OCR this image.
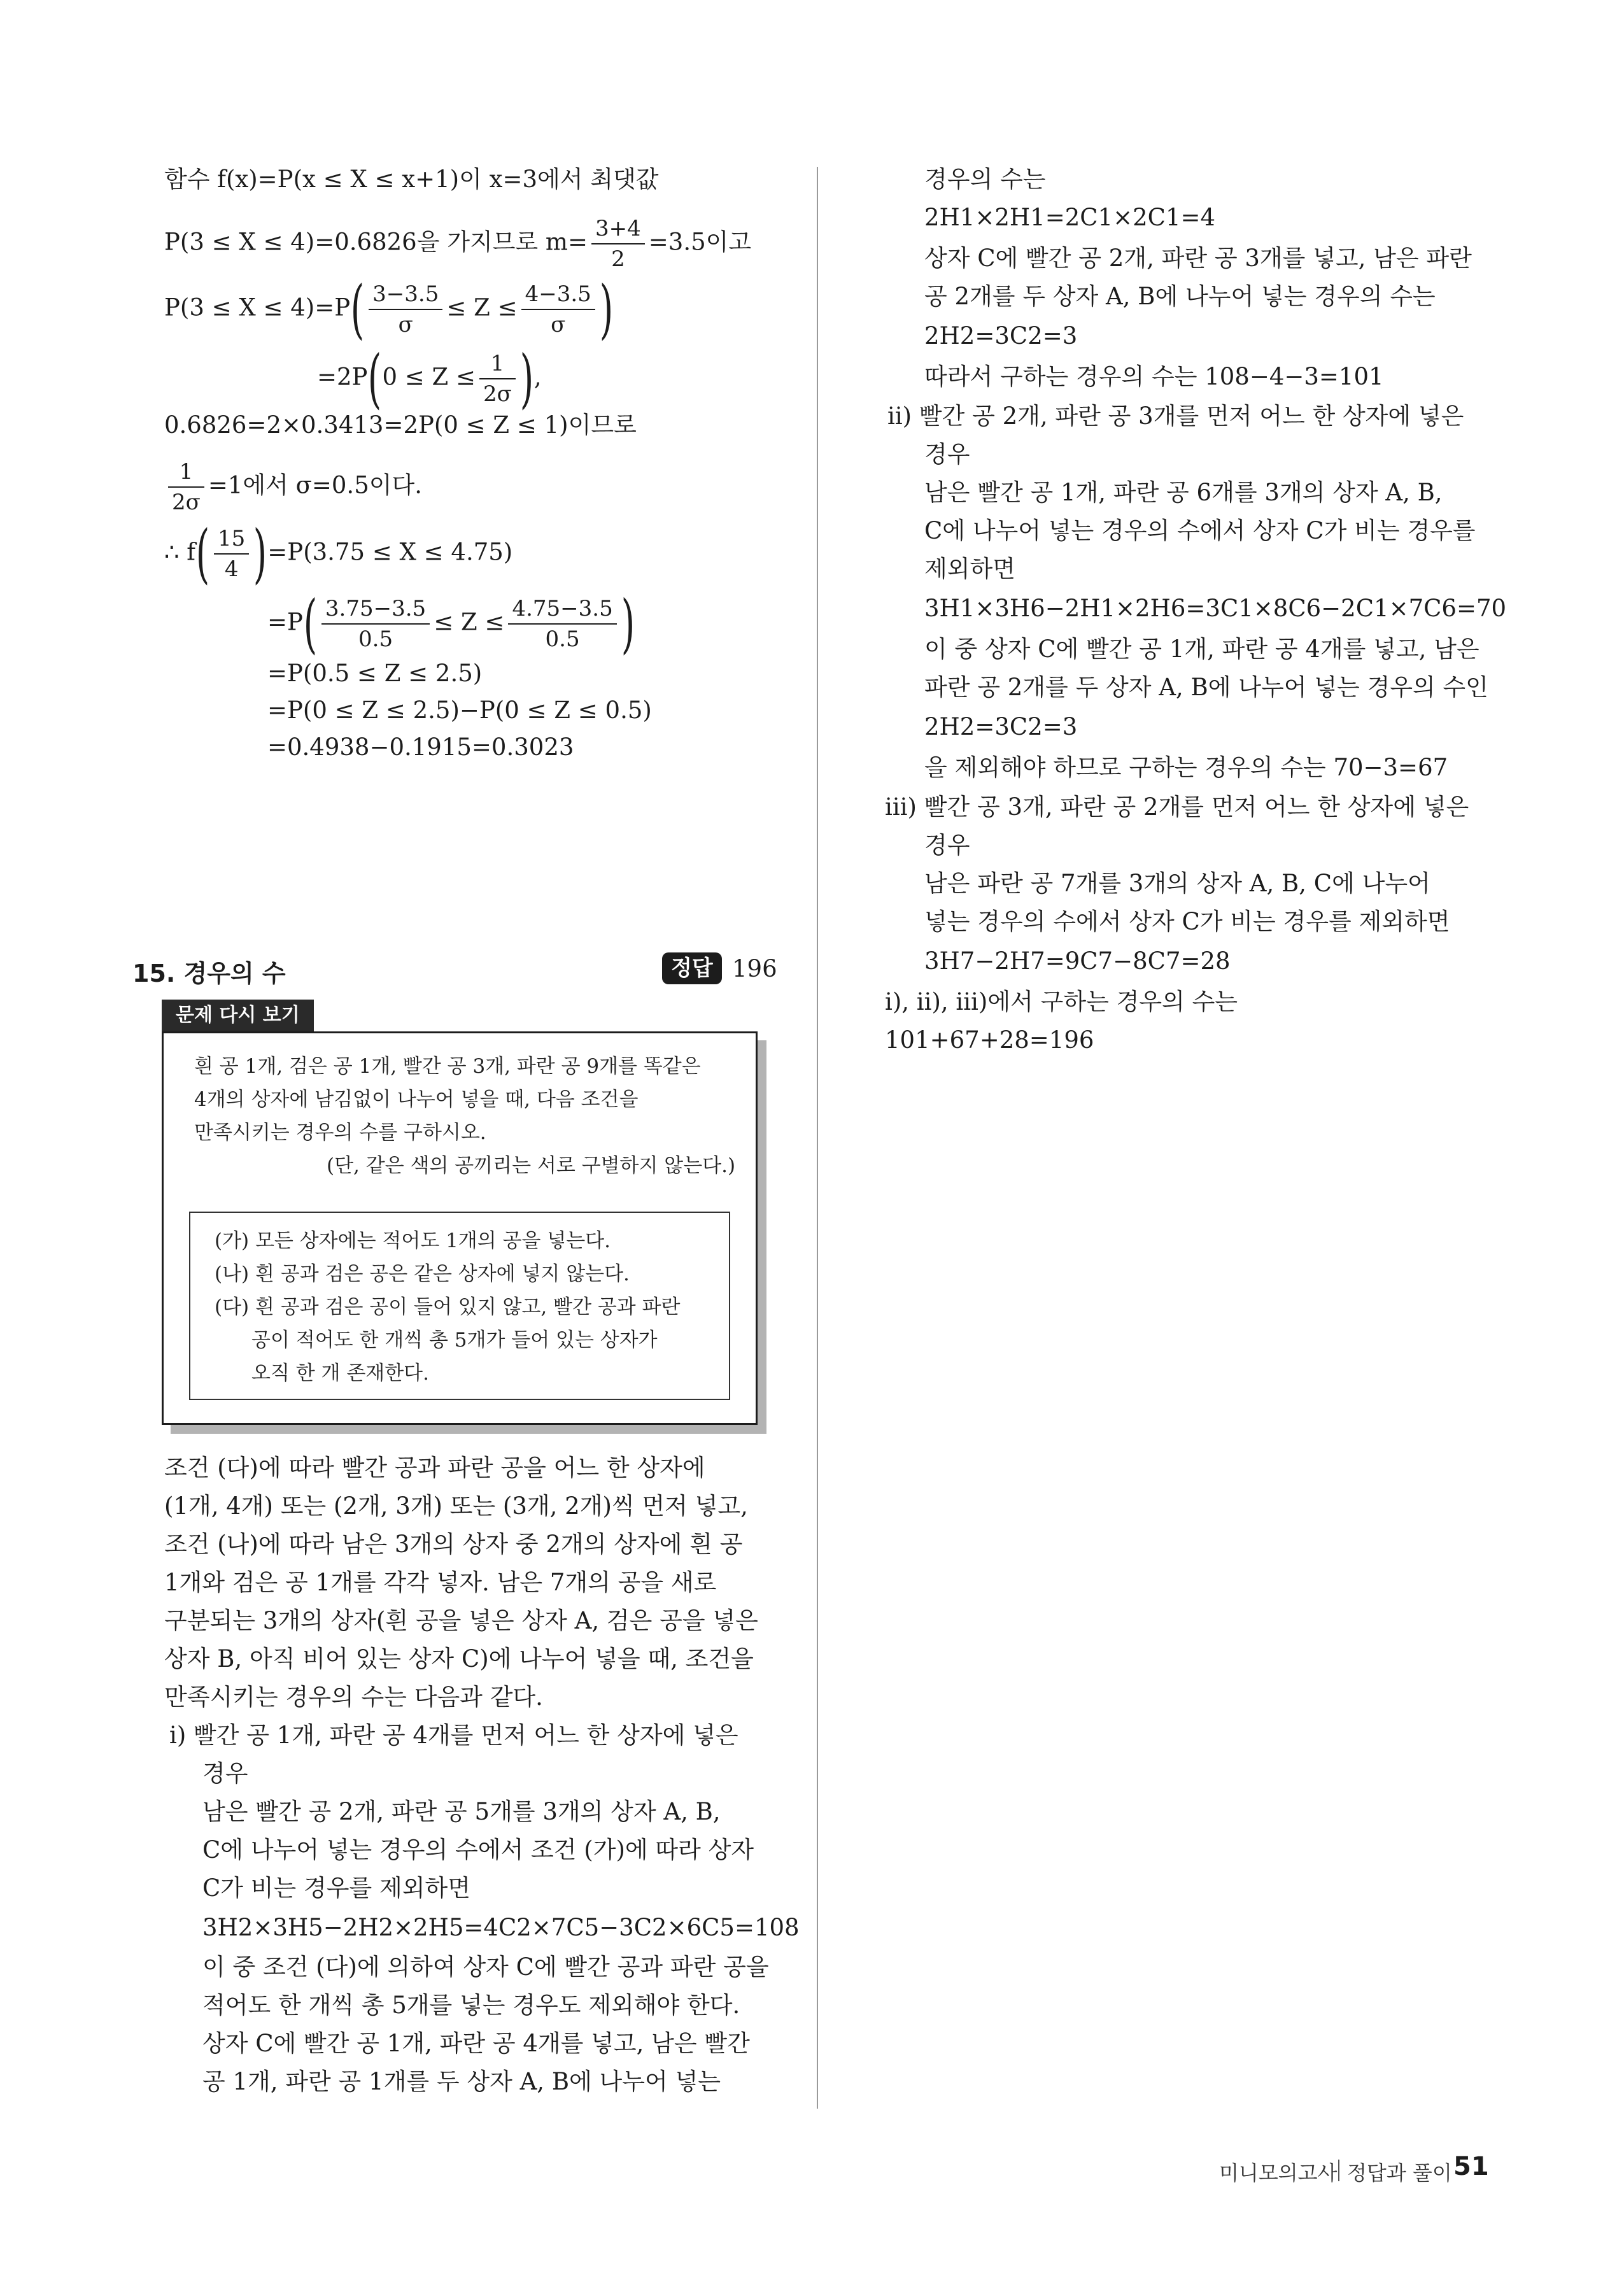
함수 f(x)=P(x ≤ X ≤ x+1)이 x=3에서 최댓값
P(3 ≤ X ≤ 4)=0.6826을 가지므로 $m= \frac{3+4}{2} =3.5$이고
$P(3 \le X \le 4)=P( \frac{3-3.5}{\sigma} \le Z \le \frac{4-3.5}{\sigma}$ )
$=2P(0 \le Z \le \frac{1}{2\sigma}$ ),
0.6826=2×0.3413=2P(0 ≤ Z ≤ 1)이므로
$\frac{1}{2\sigma} =1$에서 σ=0.5이다.
∴ $f( \frac{15}{4} )=P(3.75 \le X \le 4.75)$
$=P( \frac{3.75-3.5}{0.5} \le Z \le \frac{4.75-3.5}{0.5}$ )
=P(0.5 ≤ Z ≤ 2.5)
=P(0 ≤ Z ≤ 2.5)−P(0 ≤ Z ≤ 0.5)
=0.4938−0.1915=0.3023
15. 경우의 수	정답 196
문제 다시 보기
흰 공 1개, 검은 공 1개, 빨간 공 3개, 파란 공 9개를 똑같은
4개의 상자에 남김없이 나누어 넣을 때, 다음 조건을
만족시키는 경우의 수를 구하시오.
(단, 같은 색의 공끼리는 서로 구별하지 않는다.)
(가) 모든 상자에는 적어도 1개의 공을 넣는다.
(나) 흰 공과 검은 공은 같은 상자에 넣지 않는다.
(다) 흰 공과 검은 공이 들어 있지 않고, 빨간 공과 파란
공이 적어도 한 개씩 총 5개가 들어 있는 상자가
오직 한 개 존재한다.
조건 (다)에 따라 빨간 공과 파란 공을 어느 한 상자에
(1개, 4개) 또는 (2개, 3개) 또는 (3개, 2개)씩 먼저 넣고,
조건 (나)에 따라 남은 3개의 상자 중 2개의 상자에 흰 공
1개와 검은 공 1개를 각각 넣자. 남은 7개의 공을 새로
구분되는 3개의 상자(흰 공을 넣은 상자 A, 검은 공을 넣은
상자 B, 아직 비어 있는 상자 C)에 나누어 넣을 때, 조건을
만족시키는 경우의 수는 다음과 같다.
ⅰ) 빨간 공 1개, 파란 공 4개를 먼저 어느 한 상자에 넣은
경우
남은 빨간 공 2개, 파란 공 5개를 3개의 상자 A, B,
C에 나누어 넣는 경우의 수에서 조건 (가)에 따라 상자
C가 비는 경우를 제외하면
3H2×3H5−2H2×2H5=4C2×7C5−3C2×6C5=108
이 중 조건 (다)에 의하여 상자 C에 빨간 공과 파란 공을
적어도 한 개씩 총 5개를 넣는 경우도 제외해야 한다.
상자 C에 빨간 공 1개, 파란 공 4개를 넣고, 남은 빨간
공 1개, 파란 공 1개를 두 상자 A, B에 나누어 넣는
경우의 수는
2H1×2H1=2C1×2C1=4
상자 C에 빨간 공 2개, 파란 공 3개를 넣고, 남은 파란
공 2개를 두 상자 A, B에 나누어 넣는 경우의 수는
2H2=3C2=3
따라서 구하는 경우의 수는 108−4−3=101
ⅱ) 빨간 공 2개, 파란 공 3개를 먼저 어느 한 상자에 넣은
경우
남은 빨간 공 1개, 파란 공 6개를 3개의 상자 A, B,
C에 나누어 넣는 경우의 수에서 상자 C가 비는 경우를
제외하면
3H1×3H6−2H1×2H6=3C1×8C6−2C1×7C6=70
이 중 상자 C에 빨간 공 1개, 파란 공 4개를 넣고, 남은
파란 공 2개를 두 상자 A, B에 나누어 넣는 경우의 수인
2H2=3C2=3
을 제외해야 하므로 구하는 경우의 수는 70−3=67
ⅲ) 빨간 공 3개, 파란 공 2개를 먼저 어느 한 상자에 넣은
경우
남은 파란 공 7개를 3개의 상자 A, B, C에 나누어
넣는 경우의 수에서 상자 C가 비는 경우를 제외하면
3H7−2H7=9C7−8C7=28
ⅰ), ⅱ), ⅲ)에서 구하는 경우의 수는
101+67+28=196
미니모의고사 정답과 풀이 51
